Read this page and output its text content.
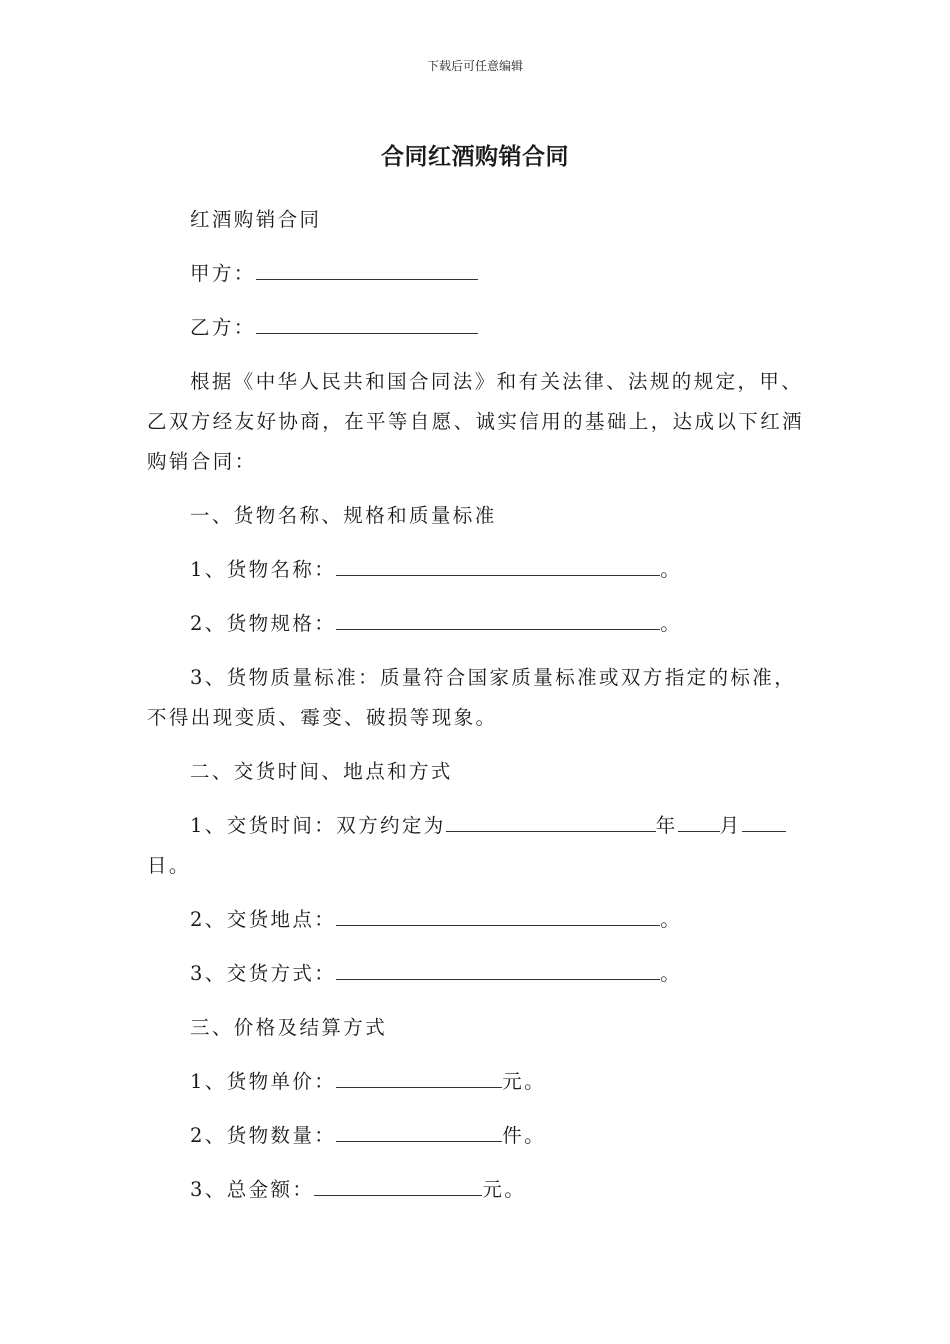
下载后可任意编辑
合同红酒购销合同

红酒购销合同

甲方：

乙方：

根据《中华人民共和国合同法》和有关法律、法规的规定，甲、乙双方经友好协商，在平等自愿、诚实信用的基础上，达成以下红酒购销合同：

一、货物名称、规格和质量标准

1、货物名称：	。

2、货物规格：	。

3、货物质量标准：质量符合国家质量标准或双方指定的标准，不得出现变质、霉变、破损等现象。

二、交货时间、地点和方式

1、交货时间：双方约定为	年 月日。

2、交货地点：	。

3、交货方式：	。

三、价格及结算方式

1、货物单价：	元。

2、货物数量：	件。

3、总金额：	元。
